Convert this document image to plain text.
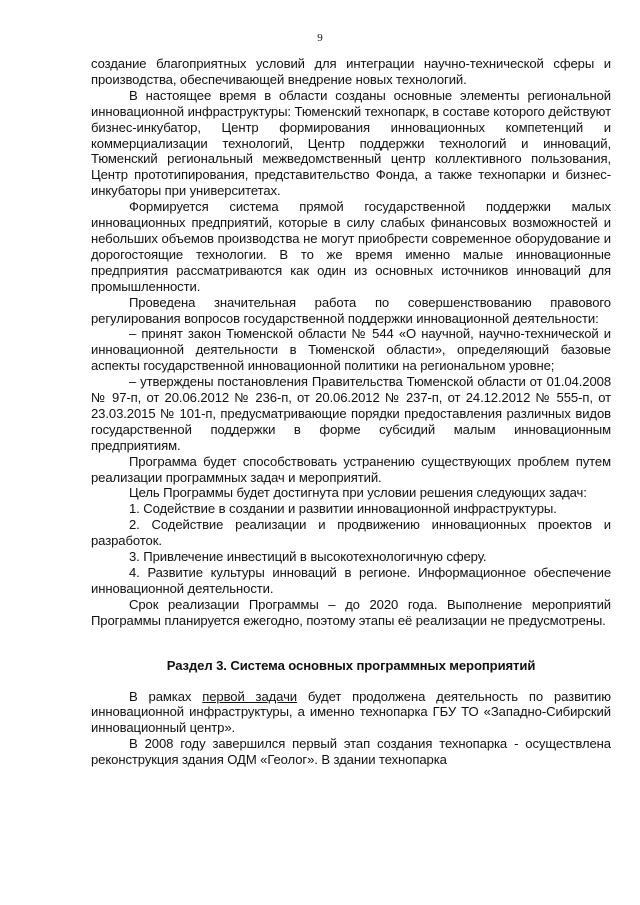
9

создание благоприятных условий для интеграции научно-технической сферы и производства, обеспечивающей внедрение новых технологий.

В настоящее время в области созданы основные элементы региональной инновационной инфраструктуры: Тюменский технопарк, в составе которого действуют бизнес-инкубатор, Центр формирования инновационных компетенций и коммерциализации технологий, Центр поддержки технологий и инноваций, Тюменский региональный межведомственный центр коллективного пользования, Центр прототипирования, представительство Фонда, а также технопарки и бизнес-инкубаторы при университетах.

Формируется система прямой государственной поддержки малых инновационных предприятий, которые в силу слабых финансовых возможностей и небольших объемов производства не могут приобрести современное оборудование и дорогостоящие технологии. В то же время именно малые инновационные предприятия рассматриваются как один из основных источников инноваций для промышленности.

Проведена значительная работа по совершенствованию правового регулирования вопросов государственной поддержки инновационной деятельности:

– принят закон Тюменской области № 544 «О научной, научно-технической и инновационной деятельности в Тюменской области», определяющий базовые аспекты государственной инновационной политики на региональном уровне;

– утверждены постановления Правительства Тюменской области от 01.04.2008 № 97-п, от 20.06.2012 № 236-п, от 20.06.2012 № 237-п, от 24.12.2012 № 555-п, от 23.03.2015 № 101-п, предусматривающие порядки предоставления различных видов государственной поддержки в форме субсидий малым инновационным предприятиям.

Программа будет способствовать устранению существующих проблем путем реализации программных задач и мероприятий.

Цель Программы будет достигнута при условии решения следующих задач:

1. Содействие в создании и развитии инновационной инфраструктуры.

2. Содействие реализации и продвижению инновационных проектов и разработок.

3. Привлечение инвестиций в высокотехнологичную сферу.

4. Развитие культуры инноваций в регионе. Информационное обеспечение инновационной деятельности.

Срок реализации Программы – до 2020 года. Выполнение мероприятий Программы планируется ежегодно, поэтому этапы её реализации не предусмотрены.

Раздел 3. Система основных программных мероприятий

В рамках первой задачи будет продолжена деятельность по развитию инновационной инфраструктуры, а именно технопарка ГБУ ТО «Западно-Сибирский инновационный центр».

В 2008 году завершился первый этап создания технопарка - осуществлена реконструкция здания ОДМ «Геолог». В здании технопарка
